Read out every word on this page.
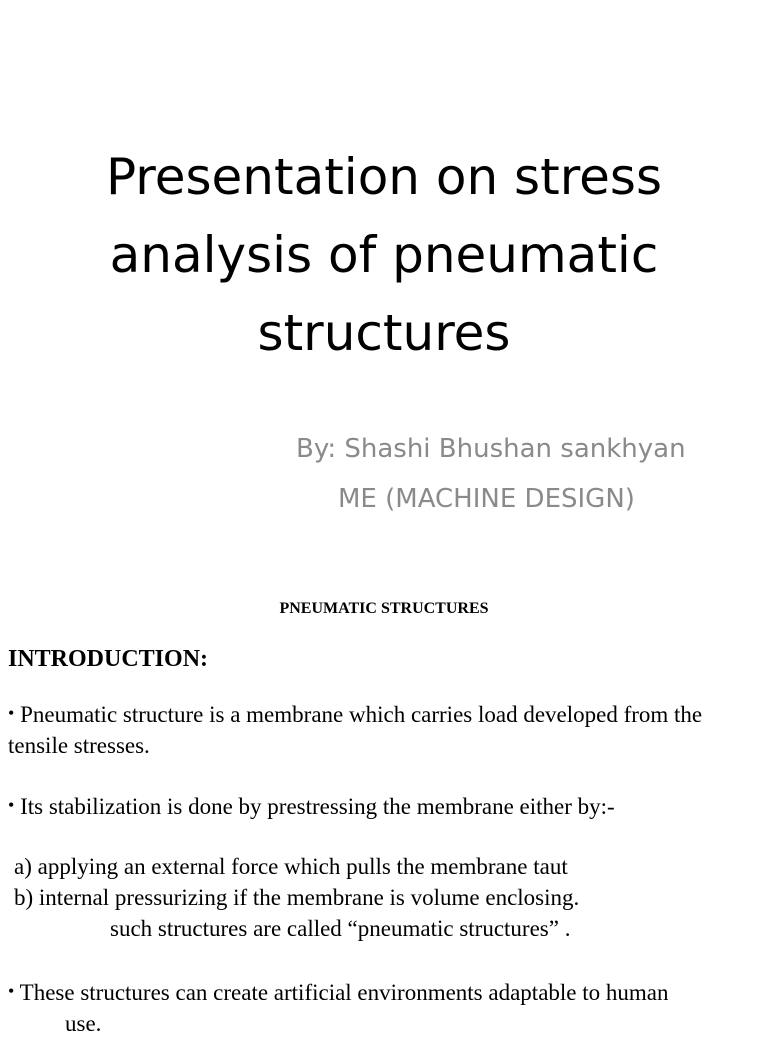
Presentation on stress
analysis of pneumatic
structures
By: Shashi Bhushan sankhyan
ME (MACHINE DESIGN)
PNEUMATIC STRUCTURES
INTRODUCTION:
• Pneumatic structure is a membrane which carries load developed from the tensile stresses.
• Its stabilization is done by prestressing the membrane either by:-
a) applying an external force which pulls the membrane taut
b) internal pressurizing if the membrane is volume enclosing.
such structures are called “pneumatic structures” .
• These structures can create artificial environments adaptable to human
use.
